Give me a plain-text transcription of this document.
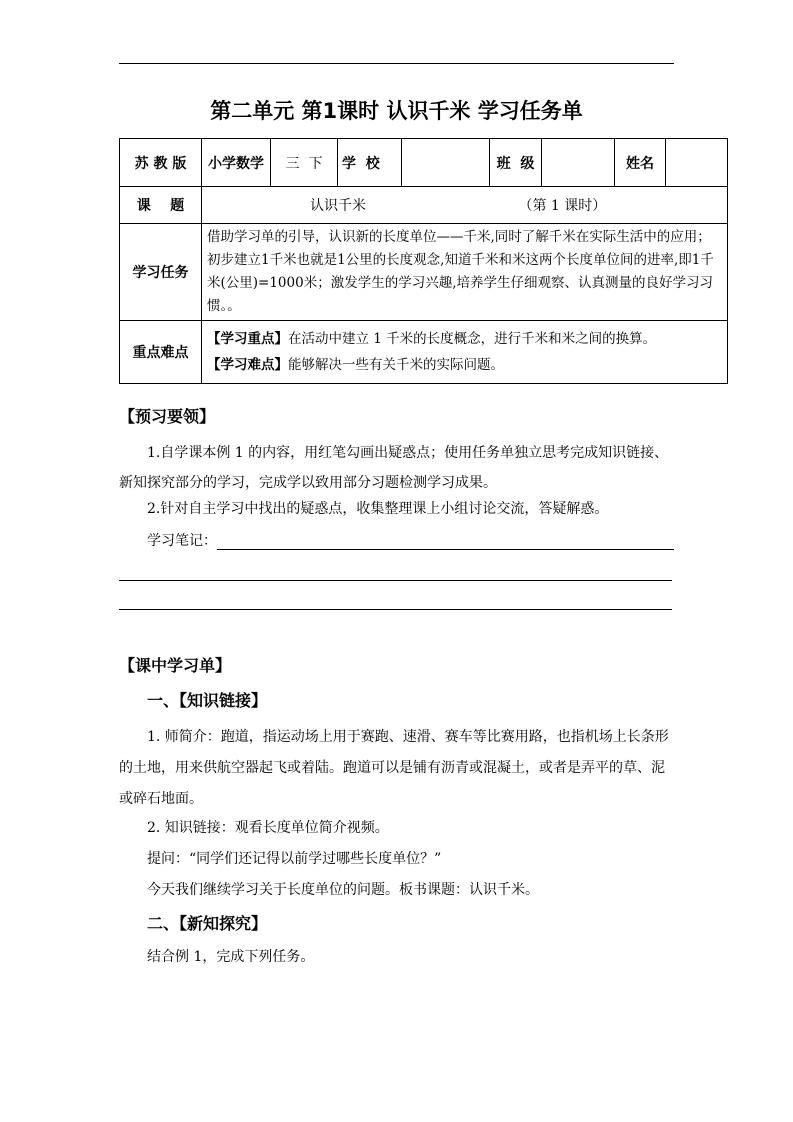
第二单元 第1课时 认识千米 学习任务单
苏 教 版	小学数学	三  下	学  校		班  级		姓名	
课    题	认识千米 （第 1 课时）							
学习任务	借助学习单的引导，认识新的长度单位——千米,同时了解千米在实际生活中的应用；初步建立1千米也就是1公里的长度观念,知道千米和米这两个长度单位间的进率,即1千米(公里)=1000米；激发学生的学习兴趣,培养学生仔细观察、认真测量的良好学习习惯。。							
重点难点	【学习重点】在活动中建立 1 千米的长度概念，进行千米和米之间的换算。
【学习难点】能够解决一些有关千米的实际问题。							
【预习要领】
1.自学课本例 1 的内容，用红笔勾画出疑惑点；使用任务单独立思考完成知识链接、新知探究部分的学习，完成学以致用部分习题检测学习成果。
2.针对自主学习中找出的疑惑点，收集整理课上小组讨论交流，答疑解惑。
学习笔记：
【课中学习单】
一、【知识链接】
1. 师简介：跑道，指运动场上用于赛跑、速滑、赛车等比赛用路，也指机场上长条形的土地，用来供航空器起飞或着陆。跑道可以是铺有沥青或混凝土，或者是弄平的草、泥或碎石地面。
2. 知识链接：观看长度单位简介视频。
提问：“同学们还记得以前学过哪些长度单位？”
今天我们继续学习关于长度单位的问题。板书课题：认识千米。
二、【新知探究】
结合例 1，完成下列任务。
